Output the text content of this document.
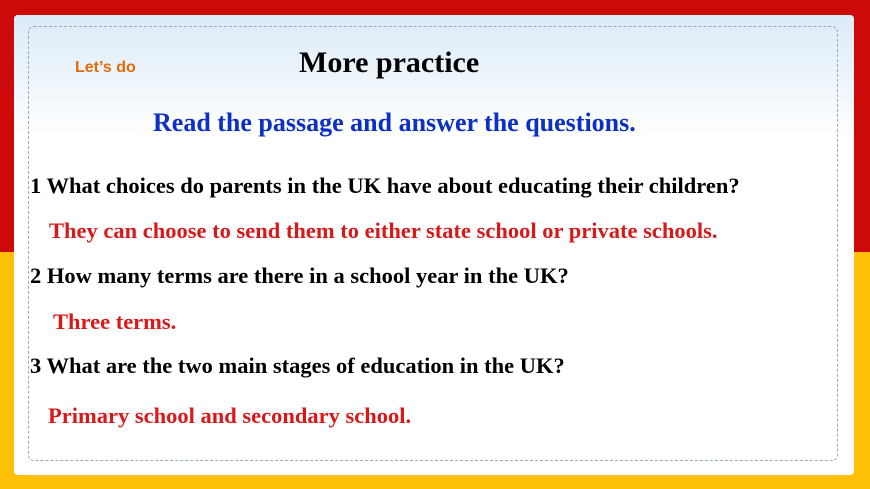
Let’s do	More practice
Read the passage and answer the questions.
1 What choices do parents in the UK have about educating their children?
They can choose to send them to either state school or private schools.
2 How many terms are there in a school year in the UK?
Three terms.
3 What are the two main stages of education in the UK?
Primary school and secondary school.
